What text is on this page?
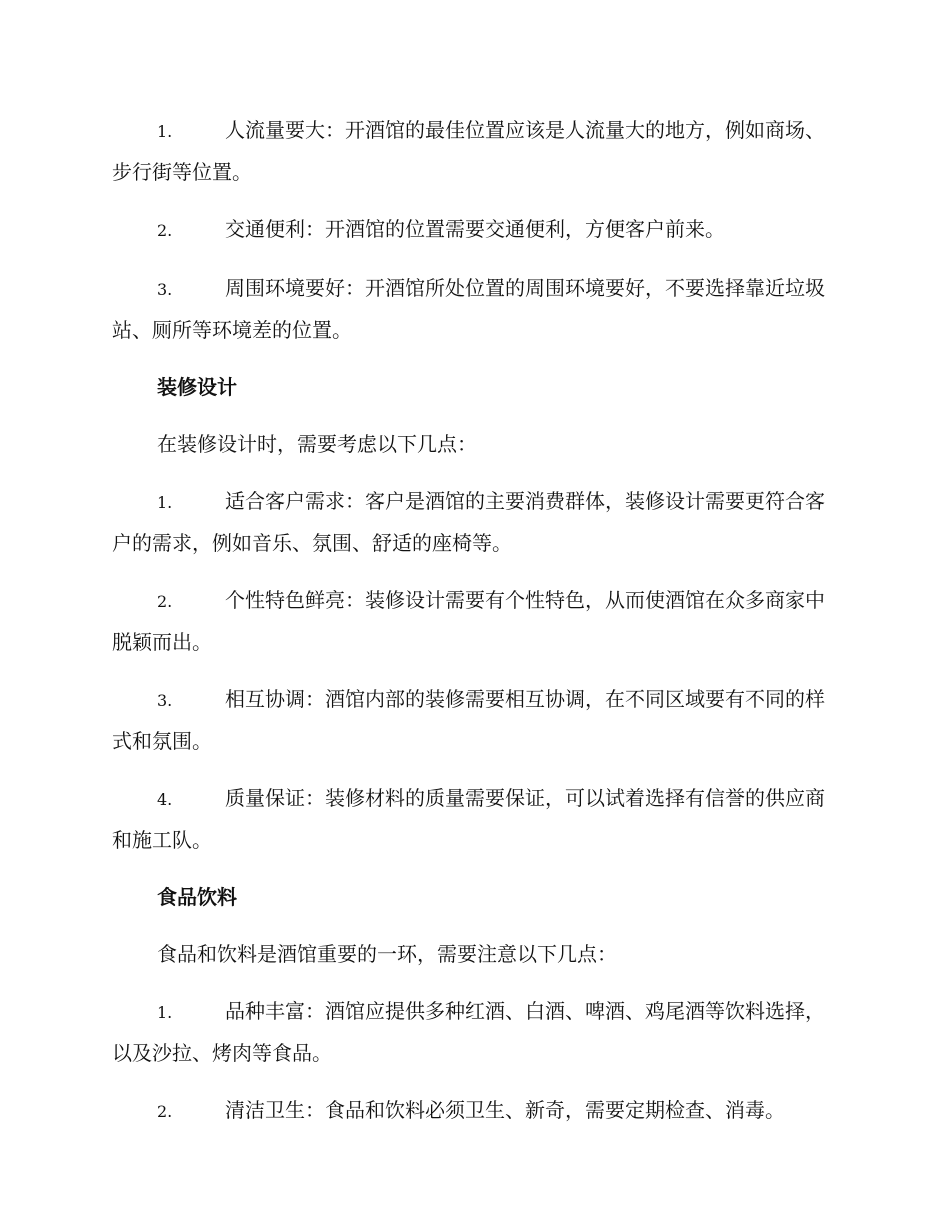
1.	人流量要大：开酒馆的最佳位置应该是人流量大的地方，例如商场、步行街等位置。

2.	交通便利：开酒馆的位置需要交通便利，方便客户前来。

3.	周围环境要好：开酒馆所处位置的周围环境要好，不要选择靠近垃圾站、厕所等环境差的位置。

装修设计

在装修设计时，需要考虑以下几点：

1.	适合客户需求：客户是酒馆的主要消费群体，装修设计需要更符合客户的需求，例如音乐、氛围、舒适的座椅等。

2.	个性特色鲜亮：装修设计需要有个性特色，从而使酒馆在众多商家中脱颖而出。

3.	相互协调：酒馆内部的装修需要相互协调，在不同区域要有不同的样式和氛围。

4.	质量保证：装修材料的质量需要保证，可以试着选择有信誉的供应商和施工队。

食品饮料

食品和饮料是酒馆重要的一环，需要注意以下几点：

1.	品种丰富：酒馆应提供多种红酒、白酒、啤酒、鸡尾酒等饮料选择，以及沙拉、烤肉等食品。

2.	清洁卫生：食品和饮料必须卫生、新奇，需要定期检查、消毒。
